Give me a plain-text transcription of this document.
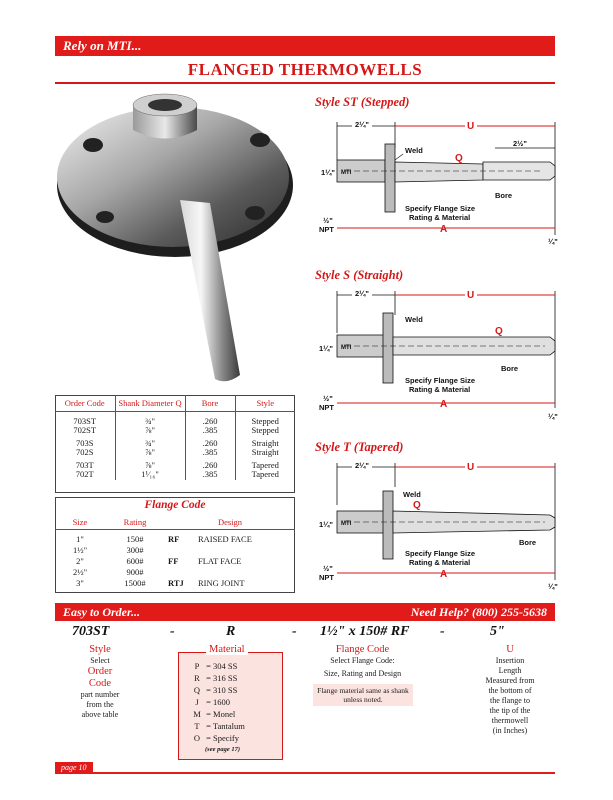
Rely on MTI...
FLANGED THERMOWELLS
Style ST (Stepped)
2¼"	U
2½"
MTI
1¼"
Weld
Q
Specify Flange Size
Rating & Material
Bore
½"
NPT	A
¼"
Style S (Straight)
2¼"	U
MTI
1¼"
Weld
Q
Specify Flange Size
Rating & Material
Bore
½"
NPT	A
¼"
Style T (Tapered)
2¼"	U
MTI
1¼"
Weld
Q
Specify Flange Size
Rating & Material
Bore
½"
NPT	A
¼"
Order Code	Shank Diameter Q	Bore	Style

703ST	¾"	.260	Stepped
702ST	⅞"	.385	Stepped

703S	¾"	.260	Straight
702S	⅞"	.385	Straight

703T	⅞"	.260	Tapered
702T	1¹⁄₁₆"	.385	Tapered
Flange Code
Size	Rating	Design	

1"	150#	RF	RAISED FACE
1½"	300#		
2"	600#	FF	FLAT FACE
2½"	900#		
3"	1500#	RTJ	RING JOINT
Easy to Order...	Need Help? (800) 255-5638
703ST	-	R	- 1½" x 150# RF -	5"
Style
Select
Order
Code
part number
from the
above table
Material
P = 304 SS
R = 316 SS
Q = 310 SS
J = 1600
M = Monel
T = Tantalum
O = Specify
(see page 17)
Flange Code
Select Flange Code:
Size, Rating and Design
Flange material same as shank unless noted.
U
Insertion
Length
Measured from
the bottom of
the flange to
the tip of the
thermowell
(in Inches)
page 10
